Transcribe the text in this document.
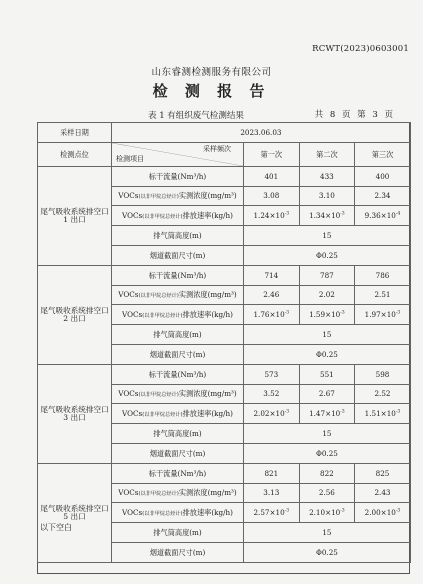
RCWT(2023)0603001
山东睿测检测服务有限公司
检 测 报 告
表 1 有组织废气检测结果	共 8 页 第 3 页
采样日期	2023.06.03			
检测点位	采样频次
检测项目	第一次	第二次	第三次
尾气吸收系统排空口 1 出口	标干流量(Nm³/h)	401	433	400
	VOCs(以非甲烷总烃计)实测浓度(mg/m³)	3.08	3.10	2.34
	VOCs(以非甲烷总烃计)排放速率(kg/h)	$1.24\times 10^{-3}$	$1.34\times 10^{-3}$	$9.36\times 10^{-4}$
	排气筒高度(m)	15		
	烟道截面尺寸(m)	Φ0.25		
尾气吸收系统排空口 2 出口	标干流量(Nm³/h)	714	787	786
	VOCs(以非甲烷总烃计)实测浓度(mg/m³)	2.46	2.02	2.51
	VOCs(以非甲烷总烃计)排放速率(kg/h)	$1.76\times 10^{-3}$	$1.59\times 10^{-3}$	$1.97\times 10^{-3}$
	排气筒高度(m)	15		
	烟道截面尺寸(m)	Φ0.25		
尾气吸收系统排空口 3 出口	标干流量(Nm³/h)	573	551	598
	VOCs(以非甲烷总烃计)实测浓度(mg/m³)	3.52	2.67	2.52
	VOCs(以非甲烷总烃计)排放速率(kg/h)	$2.02\times 10^{-3}$	$1.47\times 10^{-3}$	$1.51\times 10^{-3}$
	排气筒高度(m)	15		
	烟道截面尺寸(m)	Φ0.25		
尾气吸收系统排空口 5 出口	标干流量(Nm³/h)	821	822	825
	VOCs(以非甲烷总烃计)实测浓度(mg/m³)	3.13	2.56	2.43
	VOCs(以非甲烷总烃计)排放速率(kg/h)	$2.57\times 10^{-3}$	$2.10\times 10^{-3}$	$2.00\times 10^{-3}$
	排气筒高度(m)	15		
	烟道截面尺寸(m)	Φ0.25		
以下空白
